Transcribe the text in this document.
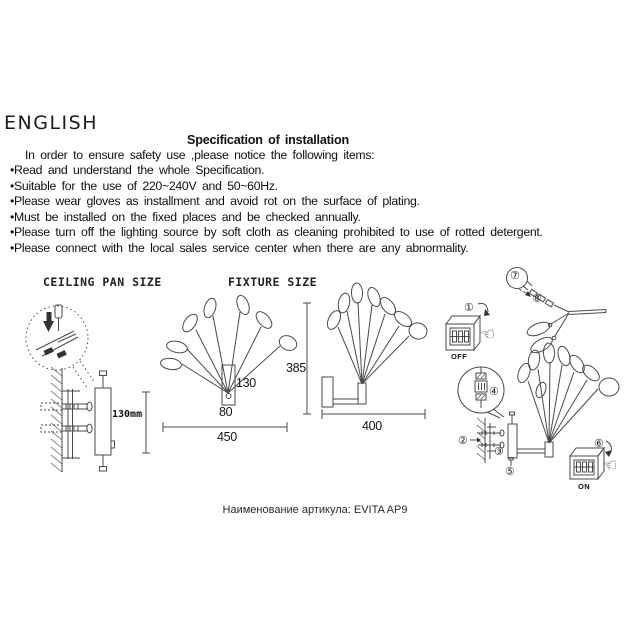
ENGLISH
Specification of installation
In order to ensure safety use ,please notice the following items:
•Read and understand the whole Specification.
•Suitable for the use of 220~240V and 50~60Hz.
•Please wear gloves as installment and avoid rot on the surface of plating.
•Must be installed on the fixed places and be checked annually.
•Please turn off the lighting source by soft cloth as cleaning prohibited to use of rotted detergent.
•Please connect with the local sales service center when there are any abnormality.
CEILING PAN SIZE	FIXTURE SIZE
130mm
130
80
450
385
400
OFF
ON
①
②
③
④
⑤
⑥
⑦
⑧
☜
☜
Наименование артикула: EVITA AP9
